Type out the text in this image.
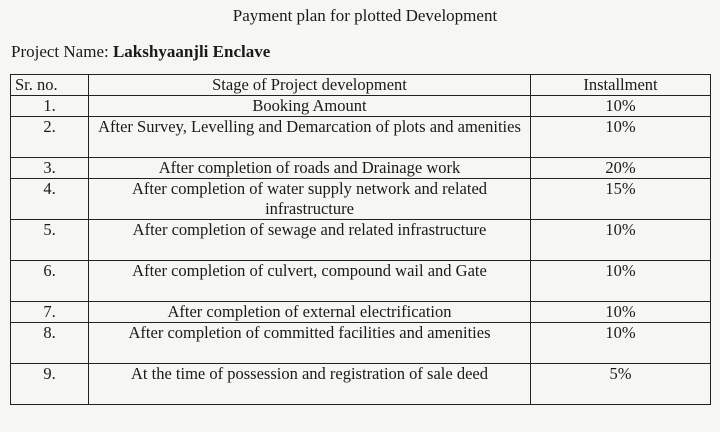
Payment plan for plotted Development
Project Name: Lakshyaanjli Enclave
Sr. no.	Stage of Project development	Installment
1.	Booking Amount	10%
2.	After Survey, Levelling and Demarcation of plots and amenities	10%
3.	After completion of roads and Drainage work	20%
4.	After completion of water supply network and related infrastructure	15%
5.	After completion of sewage and related infrastructure	10%
6.	After completion of culvert, compound wail and Gate	10%
7.	After completion of external electrification	10%
8.	After completion of committed facilities and amenities	10%
9.	At the time of possession and registration of sale deed	5%
